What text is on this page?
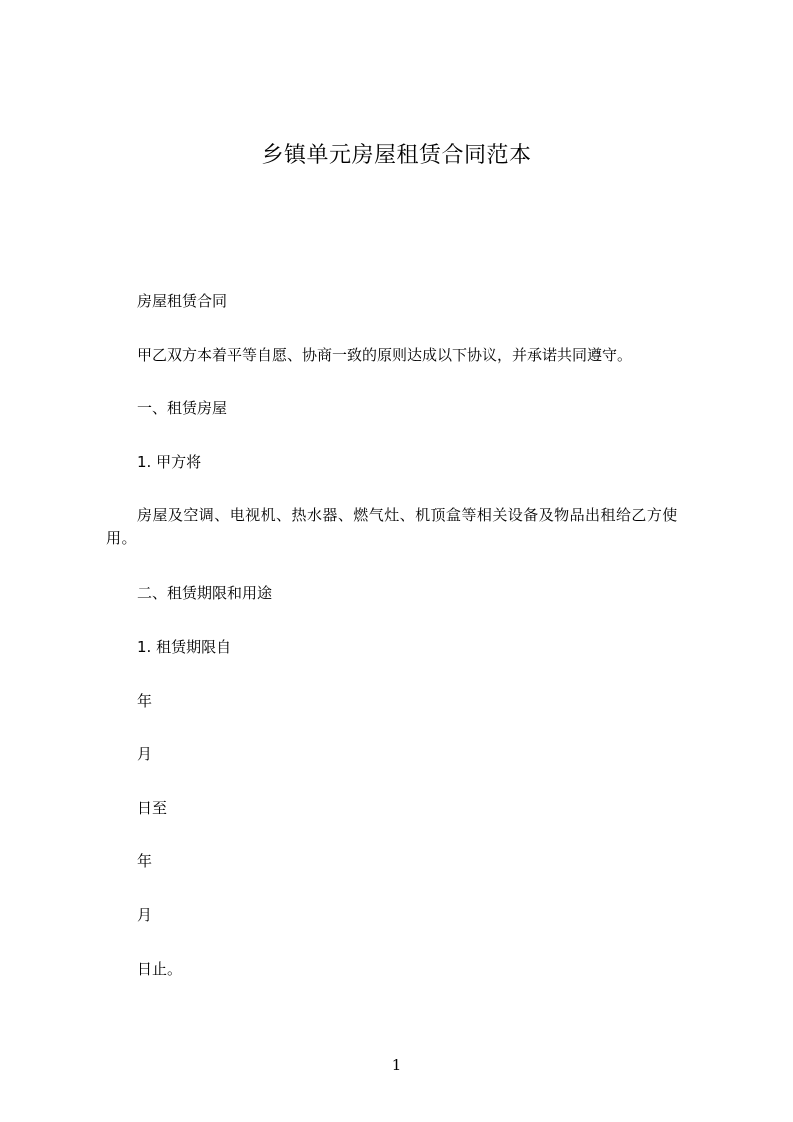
乡镇单元房屋租赁合同范本
房屋租赁合同
甲乙双方本着平等自愿、协商一致的原则达成以下协议，并承诺共同遵守。
一、租赁房屋
1. 甲方将
房屋及空调、电视机、热水器、燃气灶、机顶盒等相关设备及物品出租给乙方使用。
二、租赁期限和用途
1. 租赁期限自
年
月
日至
年
月
日止。
1
